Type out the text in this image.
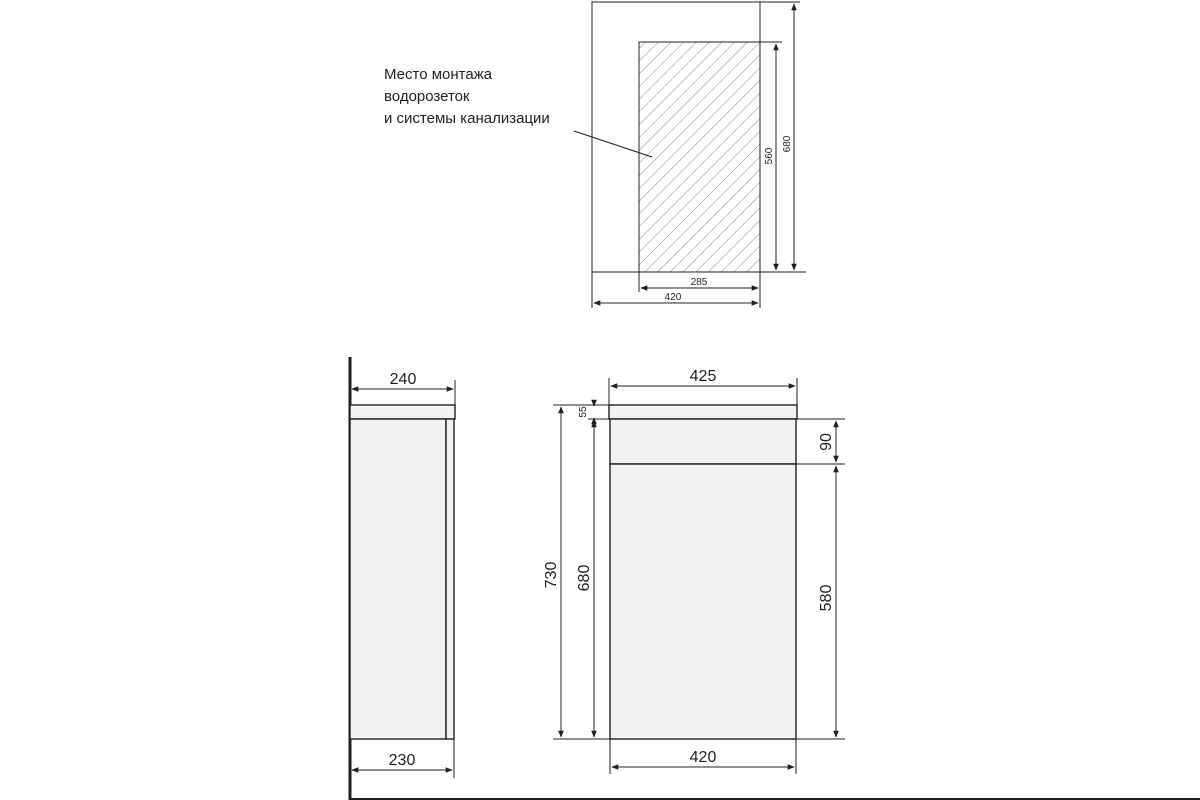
560
680
285
420
Место монтажа
водорозеток
и системы канализации
240
230
425
420
730 680
55
90
580
